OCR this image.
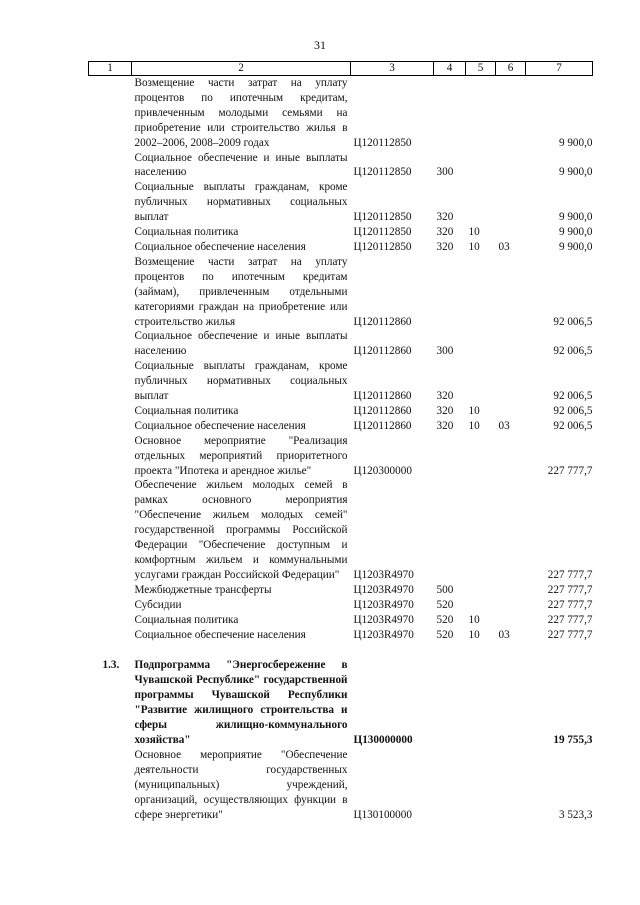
31
1	2	3	4	5	6	7
	Возмещение части затрат на уплату процентов по ипотечным кредитам, привлеченным молодыми семьями на приобретение или строительство жилья в 2002–2006, 2008–2009 годах	Ц120112850				9 900,0
	Социальное обеспечение и иные выплаты населению	Ц120112850	300			9 900,0
	Социальные выплаты гражданам, кроме публичных нормативных социальных выплат	Ц120112850	320			9 900,0
	Социальная политика	Ц120112850	320	10		9 900,0
	Социальное обеспечение населения	Ц120112850	320	10	03	9 900,0
	Возмещение части затрат на уплату процентов по ипотечным кредитам (займам), привлеченным отдельными категориями граждан на приобретение или строительство жилья	Ц120112860				92 006,5
	Социальное обеспечение и иные выплаты населению	Ц120112860	300			92 006,5
	Социальные выплаты гражданам, кроме публичных нормативных социальных выплат	Ц120112860	320			92 006,5
	Социальная политика	Ц120112860	320	10		92 006,5
	Социальное обеспечение населения	Ц120112860	320	10	03	92 006,5
	Основное мероприятие "Реализация отдельных мероприятий приоритетного проекта "Ипотека и арендное жилье"	Ц120300000				227 777,7
	Обеспечение жильем молодых семей в рамках основного мероприятия "Обеспечение жильем молодых семей" государственной программы Российской Федерации "Обеспечение доступным и комфортным жильем и коммунальными услугами граждан Российской Федерации"	Ц1203R4970				227 777,7
	Межбюджетные трансферты	Ц1203R4970	500			227 777,7
	Субсидии	Ц1203R4970	520			227 777,7
	Социальная политика	Ц1203R4970	520	10		227 777,7
	Социальное обеспечение населения	Ц1203R4970	520	10	03	227 777,7

1.3.	Подпрограмма "Энергосбережение в Чувашской Республике" государственной программы Чувашской Республики "Развитие жилищного строительства и сферы жилищно-коммунального хозяйства"	Ц130000000				19 755,3
	Основное мероприятие "Обеспечение деятельности государственных (муниципальных) учреждений, организаций, осуществляющих функции в сфере энергетики"	Ц130100000				3 523,3
